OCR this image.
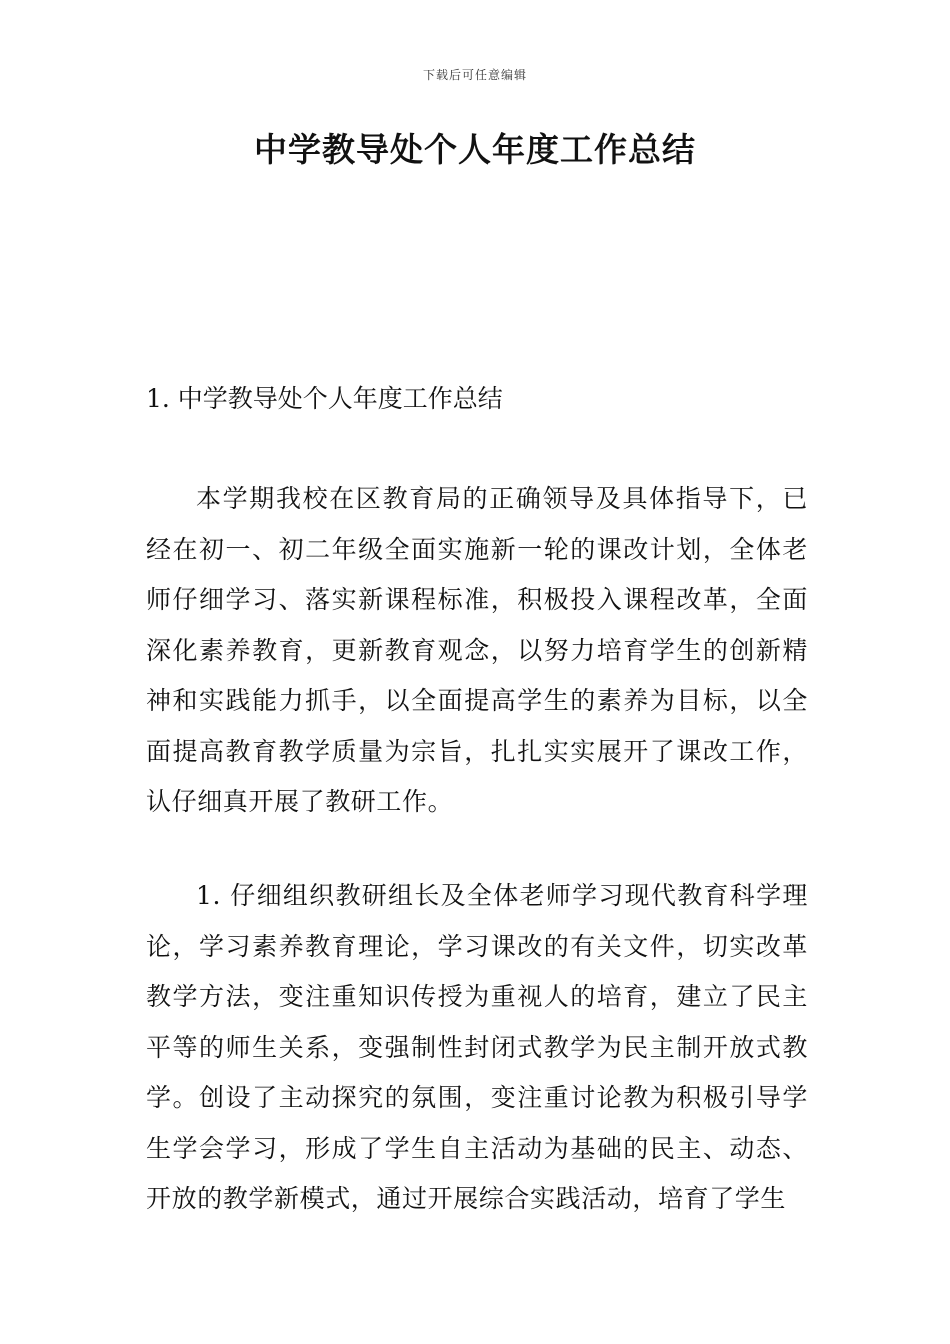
下载后可任意编辑
中学教导处个人年度工作总结

1. 中学教导处个人年度工作总结

本学期我校在区教育局的正确领导及具体指导下，已经在初一、初二年级全面实施新一轮的课改计划，全体老师仔细学习、落实新课程标准，积极投入课程改革，全面深化素养教育，更新教育观念，以努力培育学生的创新精神和实践能力抓手，以全面提高学生的素养为目标，以全面提高教育教学质量为宗旨，扎扎实实展开了课改工作，认仔细真开展了教研工作。

1. 仔细组织教研组长及全体老师学习现代教育科学理论，学习素养教育理论，学习课改的有关文件，切实改革教学方法，变注重知识传授为重视人的培育，建立了民主平等的师生关系，变强制性封闭式教学为民主制开放式教学。创设了主动探究的氛围，变注重讨论教为积极引导学生学会学习，形成了学生自主活动为基础的民主、动态、开放的教学新模式，通过开展综合实践活动，培育了学生
